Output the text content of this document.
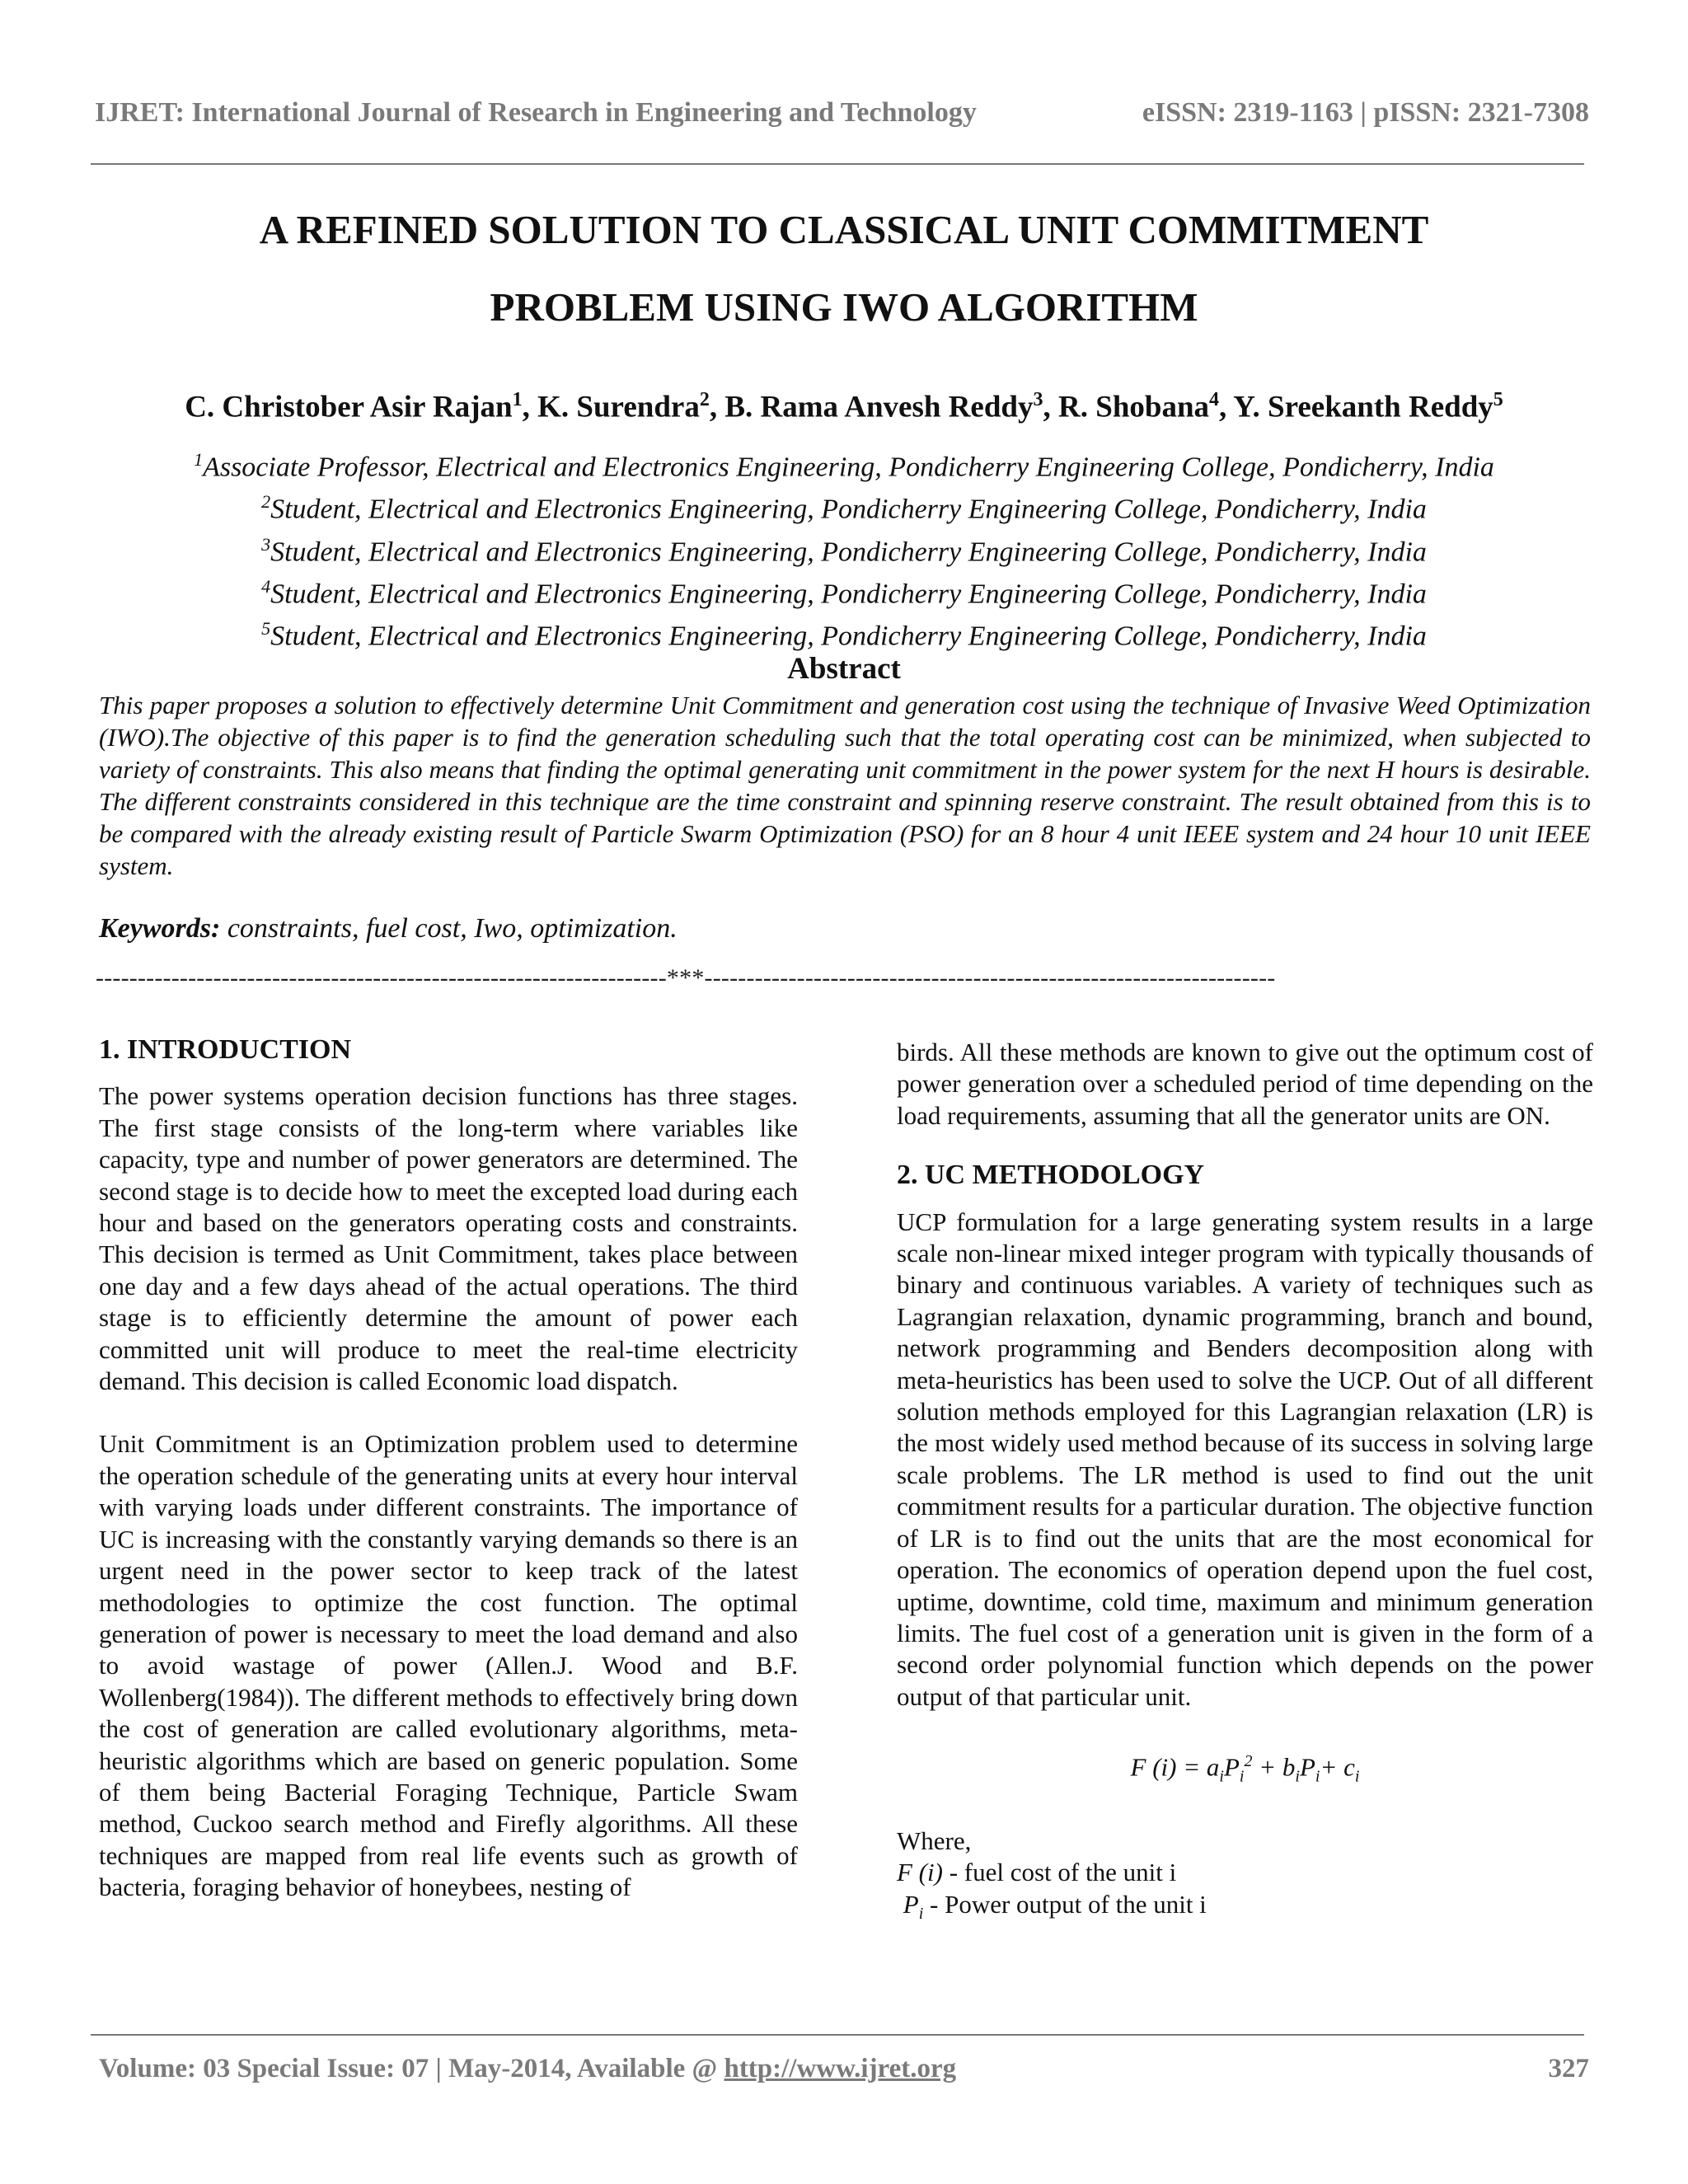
IJRET: International Journal of Research in Engineering and Technology	eISSN: 2319-1163 | pISSN: 2321-7308
A REFINED SOLUTION TO CLASSICAL UNIT COMMITMENT
PROBLEM USING IWO ALGORITHM
C. Christober Asir Rajan$^1$, K. Surendra$^2$, B. Rama Anvesh Reddy$^3$, R. Shobana$^4$, Y. Sreekanth Reddy$^5$
$^1$Associate Professor, Electrical and Electronics Engineering, Pondicherry Engineering College, Pondicherry, India
$^2$Student, Electrical and Electronics Engineering, Pondicherry Engineering College, Pondicherry, India
$^3$Student, Electrical and Electronics Engineering, Pondicherry Engineering College, Pondicherry, India
$^4$Student, Electrical and Electronics Engineering, Pondicherry Engineering College, Pondicherry, India
$^5$Student, Electrical and Electronics Engineering, Pondicherry Engineering College, Pondicherry, India
Abstract
This paper proposes a solution to effectively determine Unit Commitment and generation cost using the technique of Invasive Weed Optimization (IWO).The objective of this paper is to find the generation scheduling such that the total operating cost can be minimized, when subjected to variety of constraints. This also means that finding the optimal generating unit commitment in the power system for the next H hours is desirable. The different constraints considered in this technique are the time constraint and spinning reserve constraint. The result obtained from this is to be compared with the already existing result of Particle Swarm Optimization (PSO) for an 8 hour 4 unit IEEE system and 24 hour 10 unit IEEE system.
Keywords: constraints, fuel cost, Iwo, optimization.
--------------------------------------------------------------------***--------------------------------------------------------------------
1. INTRODUCTION

The power systems operation decision functions has three stages. The first stage consists of the long-term where variables like capacity, type and number of power generators are determined. The second stage is to decide how to meet the excepted load during each hour and based on the generators operating costs and constraints. This decision is termed as Unit Commitment, takes place between one day and a few days ahead of the actual operations. The third stage is to efficiently determine the amount of power each committed unit will produce to meet the real-time electricity demand. This decision is called Economic load dispatch.

Unit Commitment is an Optimization problem used to determine the operation schedule of the generating units at every hour interval with varying loads under different constraints. The importance of UC is increasing with the constantly varying demands so there is an urgent need in the power sector to keep track of the latest methodologies to optimize the cost function. The optimal generation of power is necessary to meet the load demand and also to avoid wastage of power (Allen.J. Wood and B.F. Wollenberg(1984)). The different methods to effectively bring down the cost of generation are called evolutionary algorithms, meta-heuristic algorithms which are based on generic population. Some of them being Bacterial Foraging Technique, Particle Swam method, Cuckoo search method and Firefly algorithms. All these techniques are mapped from real life events such as growth of bacteria, foraging behavior of honeybees, nesting of

birds. All these methods are known to give out the optimum cost of power generation over a scheduled period of time depending on the load requirements, assuming that all the generator units are ON.

2. UC METHODOLOGY

UCP formulation for a large generating system results in a large scale non-linear mixed integer program with typically thousands of binary and continuous variables. A variety of techniques such as Lagrangian relaxation, dynamic programming, branch and bound, network programming and Benders decomposition along with meta-heuristics has been used to solve the UCP. Out of all different solution methods employed for this Lagrangian relaxation (LR) is the most widely used method because of its success in solving large scale problems. The LR method is used to find out the unit commitment results for a particular duration. The objective function of LR is to find out the units that are the most economical for operation. The economics of operation depend upon the fuel cost, uptime, downtime, cold time, maximum and minimum generation limits. The fuel cost of a generation unit is given in the form of a second order polynomial function which depends on the power output of that particular unit.

F $(i) = a_iP_i^2 + b_iP_i+ c_i$
Where,
F (i) - fuel cost of the unit i
$P_i$ - Power output of the unit i
Volume: 03 Special Issue: 07 | May-2014, Available @ http://www.ijret.org	327
